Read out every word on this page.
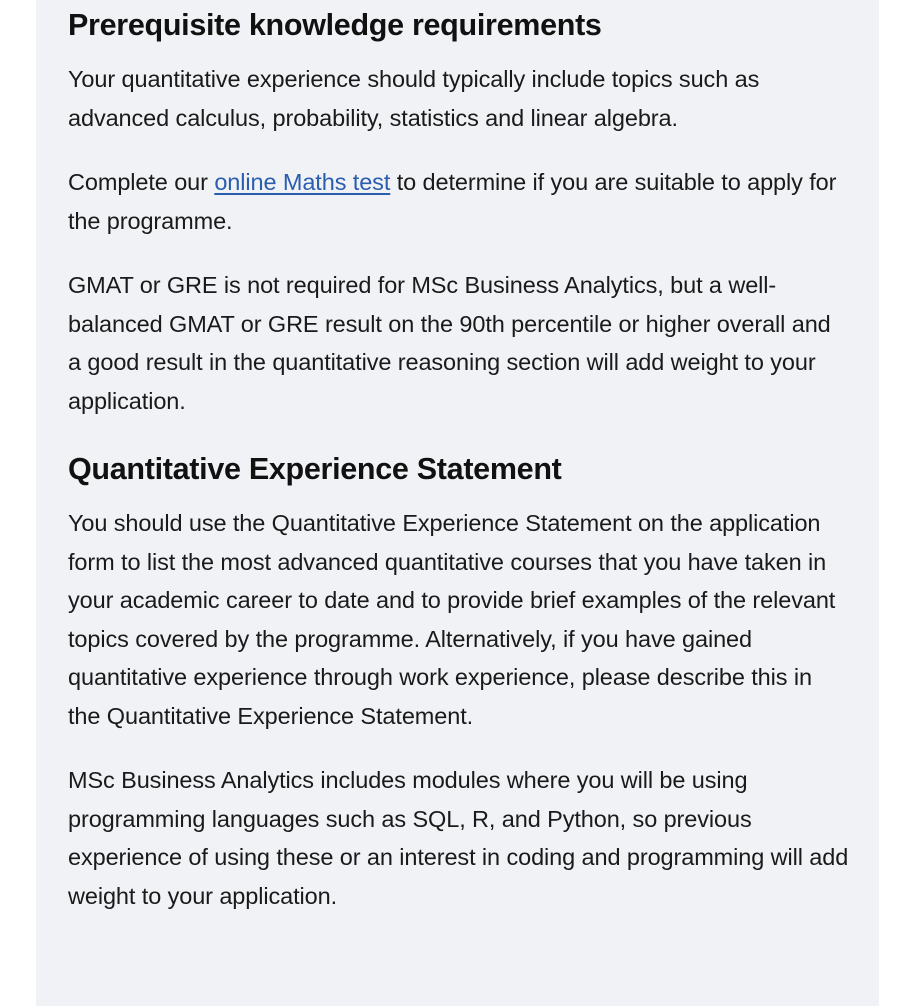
Prerequisite knowledge requirements

Your quantitative experience should typically include topics such as advanced calculus, probability, statistics and linear algebra.

Complete our online Maths test to determine if you are suitable to apply for the programme.

GMAT or GRE is not required for MSc Business Analytics, but a well-balanced GMAT or GRE result on the 90th percentile or higher overall and a good result in the quantitative reasoning section will add weight to your application.

Quantitative Experience Statement

You should use the Quantitative Experience Statement on the application form to list the most advanced quantitative courses that you have taken in your academic career to date and to provide brief examples of the relevant topics covered by the programme. Alternatively, if you have gained quantitative experience through work experience, please describe this in the Quantitative Experience Statement.

MSc Business Analytics includes modules where you will be using programming languages such as SQL, R, and Python, so previous experience of using these or an interest in coding and programming will add weight to your application.
